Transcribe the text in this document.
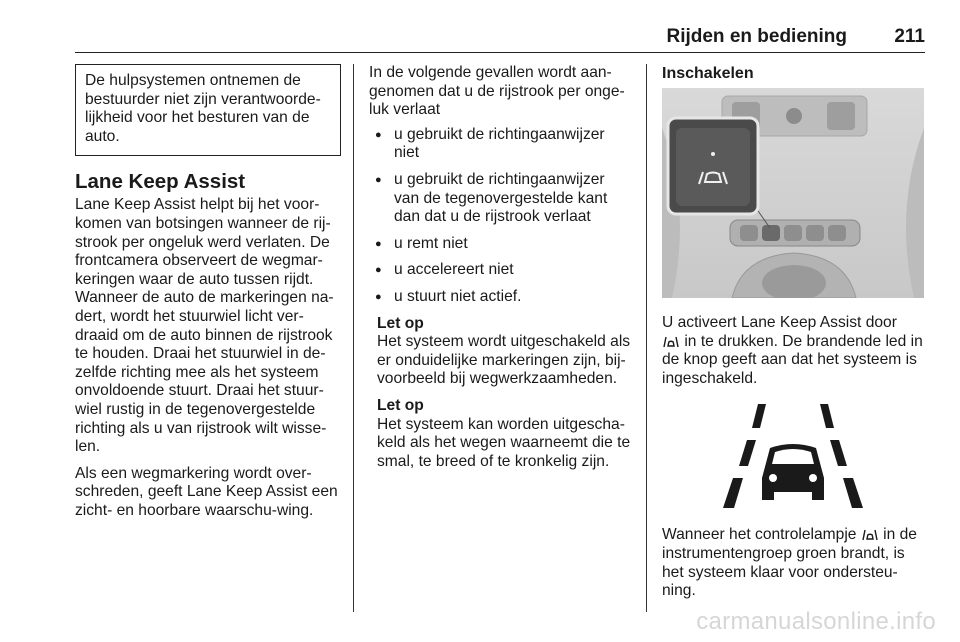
Rijden en bediening 211
De hulpsystemen ontnemen de bestuurder niet zijn verantwoorde-lijkheid voor het besturen van de auto.
Lane Keep Assist

Lane Keep Assist helpt bij het voor-komen van botsingen wanneer de rij-strook per ongeluk werd verlaten. De frontcamera observeert de wegmar-keringen waar de auto tussen rijdt. Wanneer de auto de markeringen na-dert, wordt het stuurwiel licht ver-draaid om de auto binnen de rijstrook te houden. Draai het stuurwiel in de-zelfde richting mee als het systeem onvoldoende stuurt. Draai het stuur-wiel rustig in de tegenovergestelde richting als u van rijstrook wilt wisse-len.

Als een wegmarkering wordt over-schreden, geeft Lane Keep Assist een zicht- en hoorbare waarschu-wing.

In de volgende gevallen wordt aan-genomen dat u de rijstrook per onge-luk verlaat

● u gebruikt de richtingaanwijzer niet
● u gebruikt de richtingaanwijzer van de tegenovergestelde kant dan dat u de rijstrook verlaat
● u remt niet
● u accelereert niet
● u stuurt niet actief.
Let op
Het systeem wordt uitgeschakeld als er onduidelijke markeringen zijn, bij-voorbeeld bij wegwerkzaamheden.
Let op
Het systeem kan worden uitgescha-keld als het wegen waarneemt die te smal, te breed of te kronkelig zijn.
Inschakelen

U activeert Lane Keep Assist door
in te drukken. De brandende led in de knop geeft aan dat het systeem is ingeschakeld.

Wanneer het controlelampje in de instrumentengroep groen brandt, is het systeem klaar voor ondersteu-ning.

carmanualsonline.info
